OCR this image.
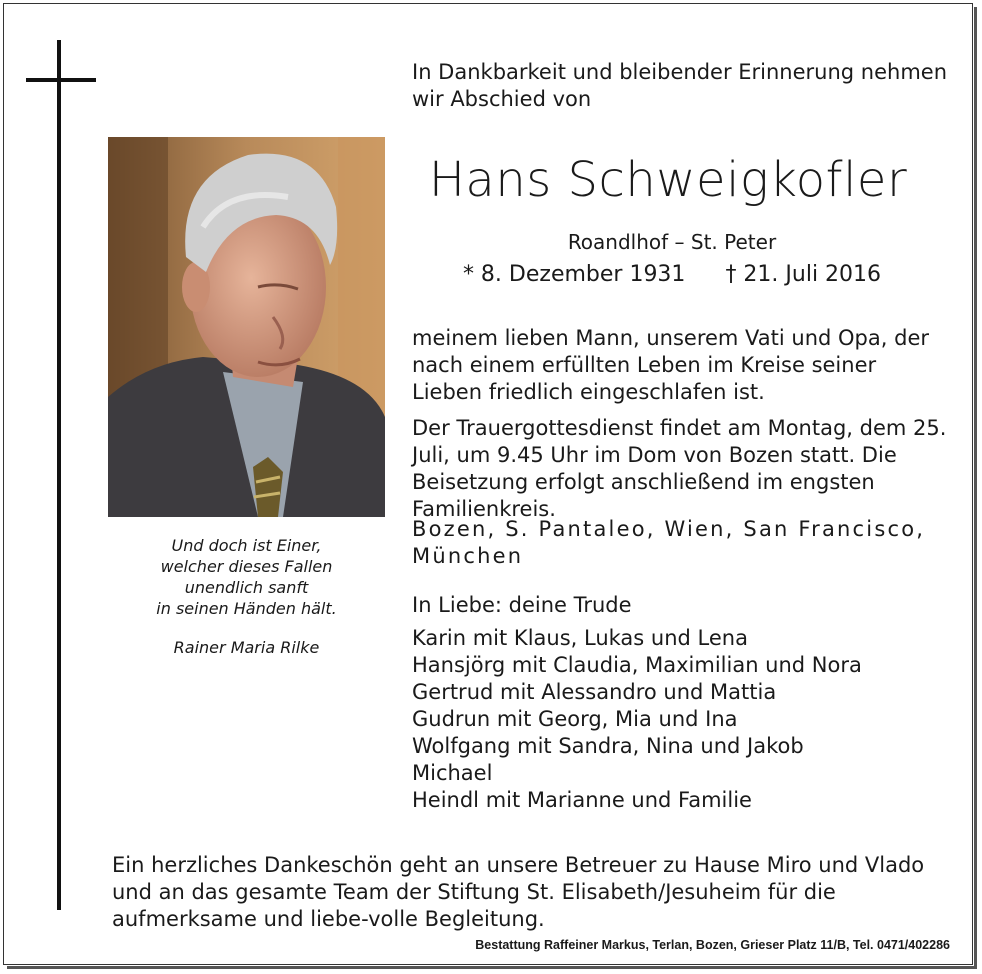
In Dankbarkeit und bleibender Erinnerung nehmen wir Abschied von
Hans Schweigkofler
Roandlhof – St. Peter
* 8. Dezember 1931 † 21. Juli 2016
Und doch ist Einer,
welcher dieses Fallen
unendlich sanft
in seinen Händen hält.
Rainer Maria Rilke
meinem lieben Mann, unserem Vati und Opa, der nach einem erfüllten Leben im Kreise seiner Lieben friedlich eingeschlafen ist.
Der Trauergottesdienst findet am Montag, dem 25. Juli, um 9.45 Uhr im Dom von Bozen statt. Die Beisetzung erfolgt anschließend im engsten Familienkreis.
Bozen, S. Pantaleo, Wien, San Francisco, München
In Liebe: deine Trude
Karin mit Klaus, Lukas und Lena
Hansjörg mit Claudia, Maximilian und Nora
Gertrud mit Alessandro und Mattia
Gudrun mit Georg, Mia und Ina
Wolfgang mit Sandra, Nina und Jakob
Michael
Heindl mit Marianne und Familie
Ein herzliches Dankeschön geht an unsere Betreuer zu Hause Miro und Vlado und an das gesamte Team der Stiftung St. Elisabeth/Jesuheim für die aufmerksame und liebe-volle Begleitung.
Bestattung Raffeiner Markus, Terlan, Bozen, Grieser Platz 11/B, Tel. 0471/402286
